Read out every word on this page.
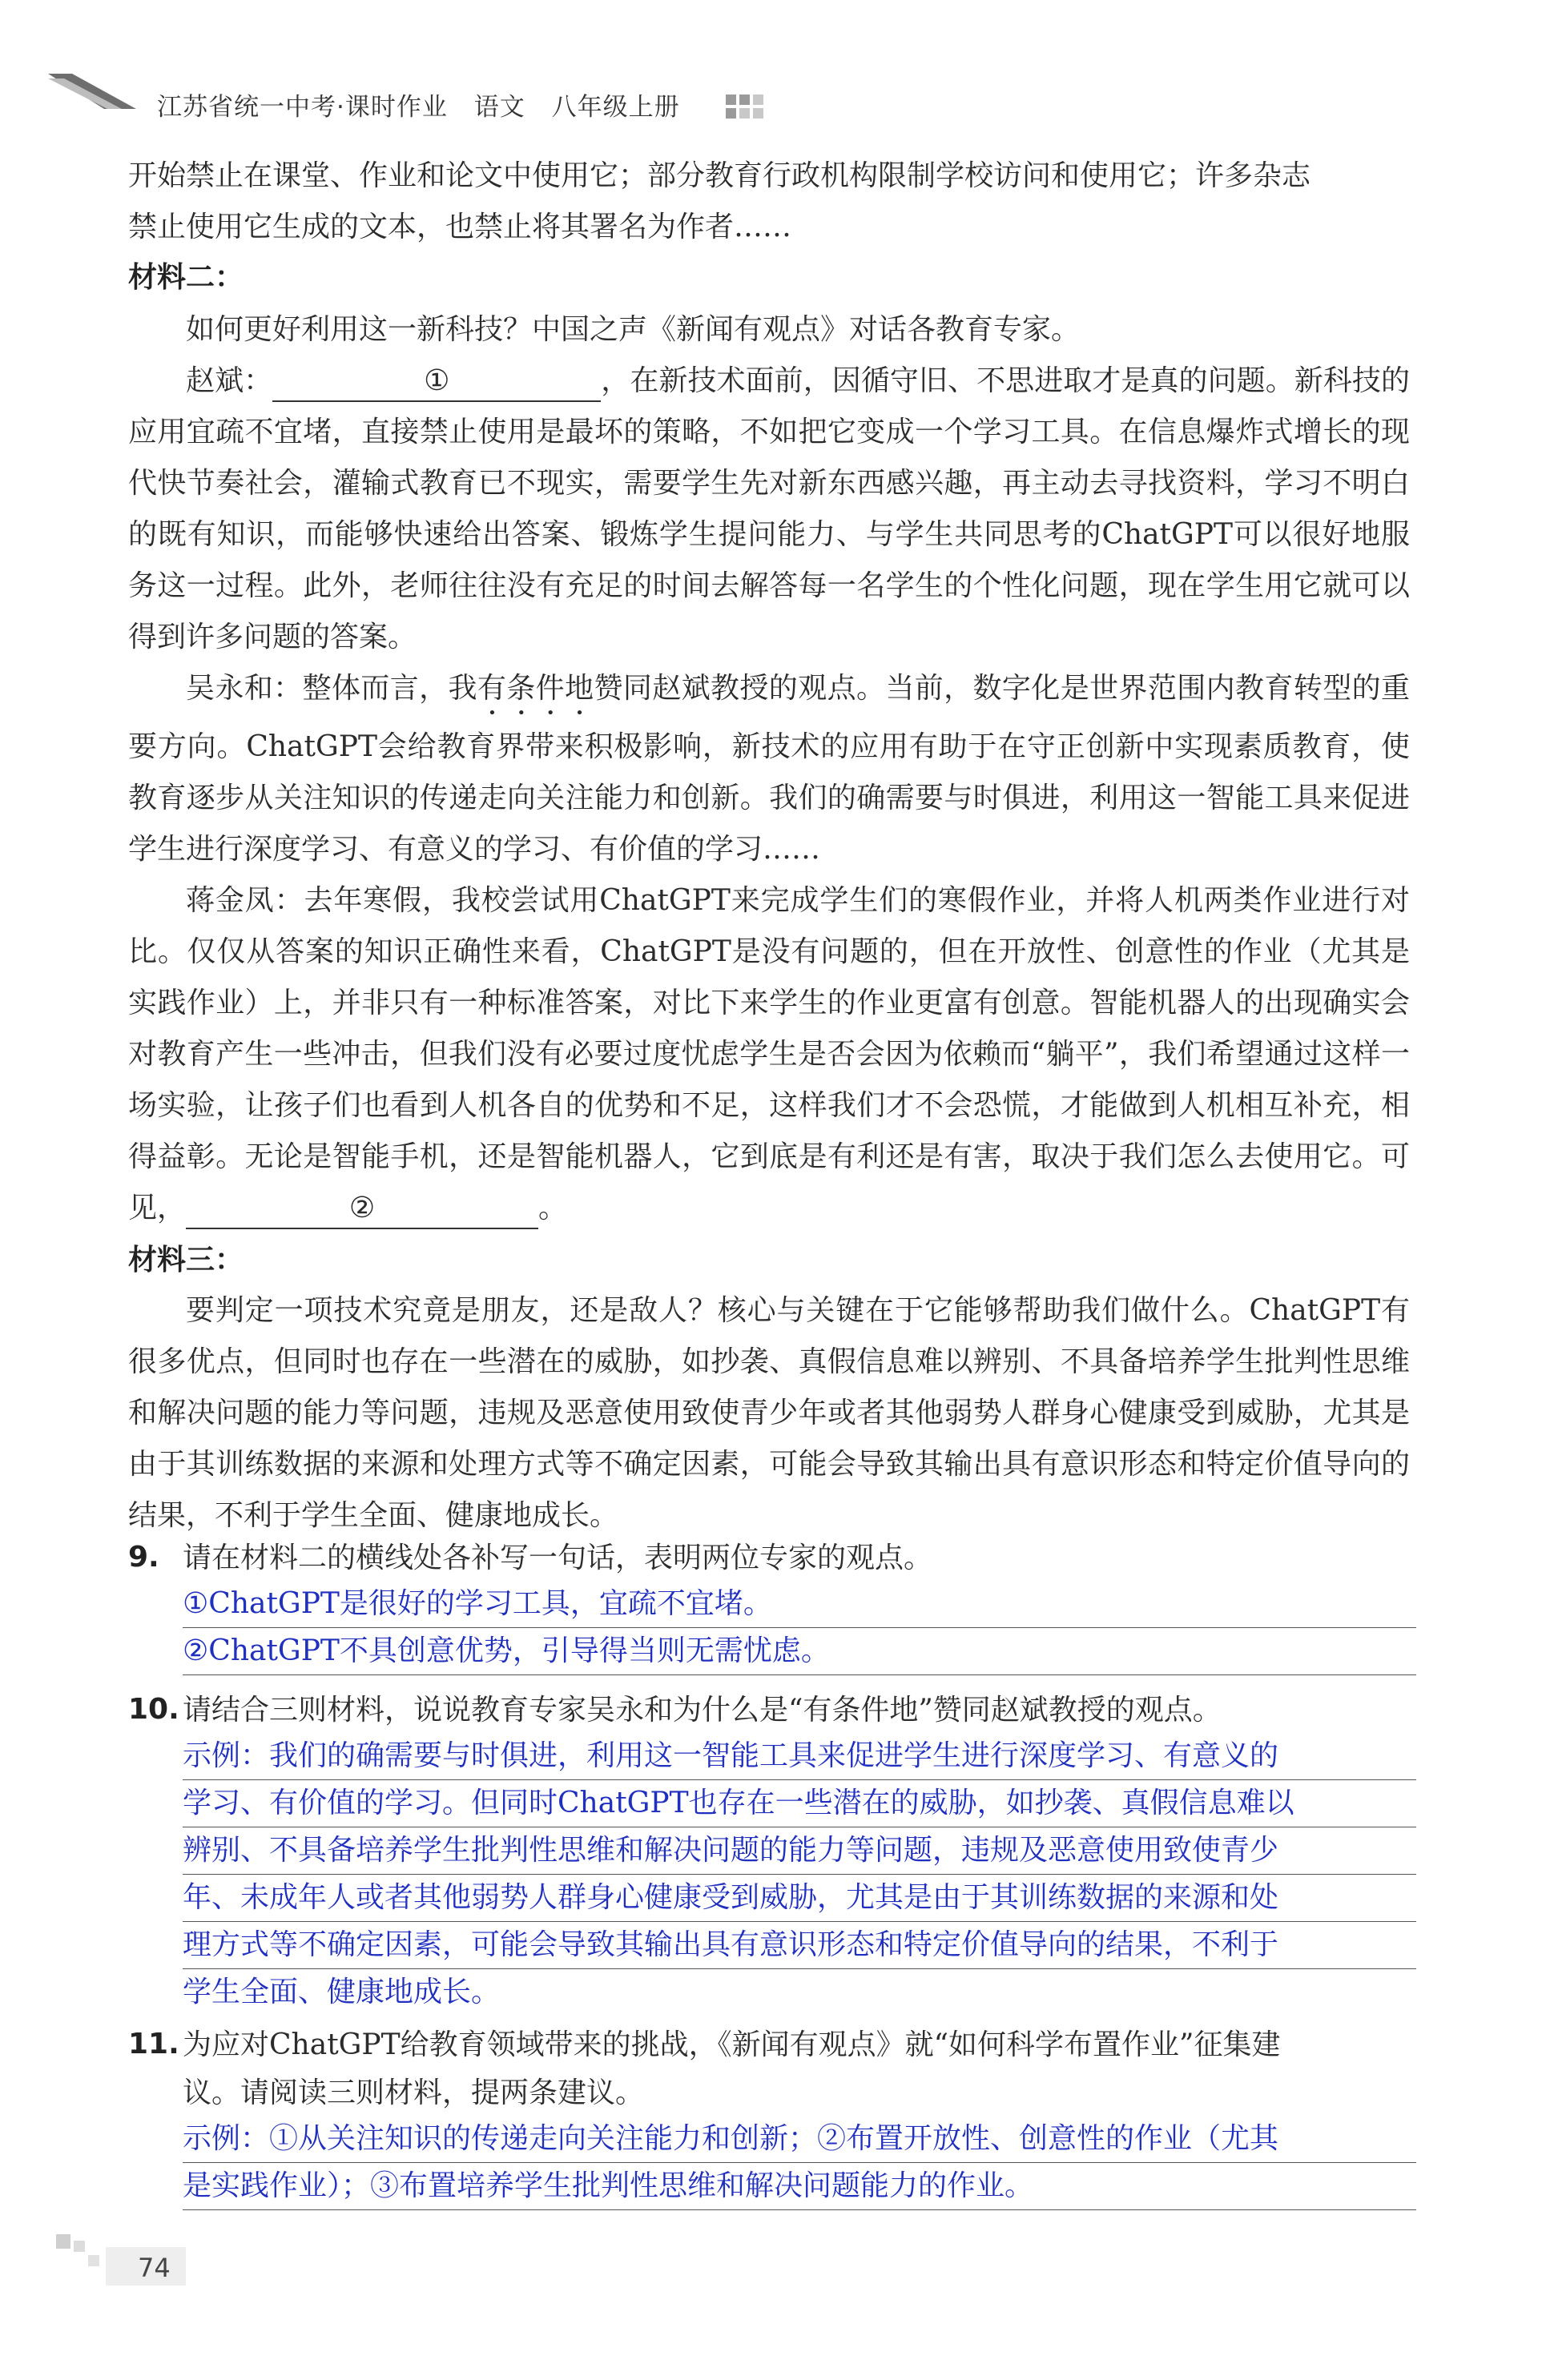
江苏省统一中考·课时作业 语文 八年级上册

开始禁止在课堂、作业和论文中使用它；部分教育行政机构限制学校访问和使用它；许多杂志

禁止使用它生成的文本，也禁止将其署名为作者……

材料二：

如何更好利用这一新科技？中国之声《新闻有观点》对话各教育专家。

赵斌：	①	，在新技术面前，因循守旧、不思进取才是真的问题。新科技的应用宜疏不宜堵，直接禁止使用是最坏的策略，不如把它变成一个学习工具。在信息爆炸式增长的现代快节奏社会，灌输式教育已不现实，需要学生先对新东西感兴趣，再主动去寻找资料，学习不明白的既有知识，而能够快速给出答案、锻炼学生提问能力、与学生共同思考的ChatGPT可以很好地服务这一过程。此外，老师往往没有充足的时间去解答每一名学生的个性化问题，现在学生用它就可以得到许多问题的答案。

吴永和：整体而言，我有条件地赞同赵斌教授的观点。当前，数字化是世界范围内教育转型的重要方向。ChatGPT会给教育界带来积极影响，新技术的应用有助于在守正创新中实现素质教育，使教育逐步从关注知识的传递走向关注能力和创新。我们的确需要与时俱进，利用这一智能工具来促进学生进行深度学习、有意义的学习、有价值的学习……

蒋金凤：去年寒假，我校尝试用ChatGPT来完成学生们的寒假作业，并将人机两类作业进行对比。仅仅从答案的知识正确性来看，ChatGPT是没有问题的，但在开放性、创意性的作业（尤其是实践作业）上，并非只有一种标准答案，对比下来学生的作业更富有创意。智能机器人的出现确实会对教育产生一些冲击，但我们没有必要过度忧虑学生是否会因为依赖而“躺平”，我们希望通过这样一场实验，让孩子们也看到人机各自的优势和不足，这样我们才不会恐慌，才能做到人机相互补充，相得益彰。无论是智能手机，还是智能机器人，它到底是有利还是有害，取决于我们怎么去使用它。可见，	②	。

材料三：

要判定一项技术究竟是朋友，还是敌人？核心与关键在于它能够帮助我们做什么。ChatGPT有很多优点，但同时也存在一些潜在的威胁，如抄袭、真假信息难以辨别、不具备培养学生批判性思维和解决问题的能力等问题，违规及恶意使用致使青少年或者其他弱势人群身心健康受到威胁，尤其是由于其训练数据的来源和处理方式等不确定因素，可能会导致其输出具有意识形态和特定价值导向的结果，不利于学生全面、健康地成长。

9. 请在材料二的横线处各补写一句话，表明两位专家的观点。
①ChatGPT是很好的学习工具，宜疏不宜堵。
②ChatGPT不具创意优势，引导得当则无需忧虑。
10. 请结合三则材料，说说教育专家吴永和为什么是“有条件地”赞同赵斌教授的观点。
示例：我们的确需要与时俱进，利用这一智能工具来促进学生进行深度学习、有意义的
学习、有价值的学习。但同时ChatGPT也存在一些潜在的威胁，如抄袭、真假信息难以
辨别、不具备培养学生批判性思维和解决问题的能力等问题，违规及恶意使用致使青少
年、未成年人或者其他弱势人群身心健康受到威胁，尤其是由于其训练数据的来源和处
理方式等不确定因素，可能会导致其输出具有意识形态和特定价值导向的结果，不利于
学生全面、健康地成长。
11. 为应对ChatGPT给教育领域带来的挑战，《新闻有观点》就“如何科学布置作业”征集建
议。请阅读三则材料，提两条建议。
示例：①从关注知识的传递走向关注能力和创新；②布置开放性、创意性的作业（尤其
是实践作业）；③布置培养学生批判性思维和解决问题能力的作业。
74
